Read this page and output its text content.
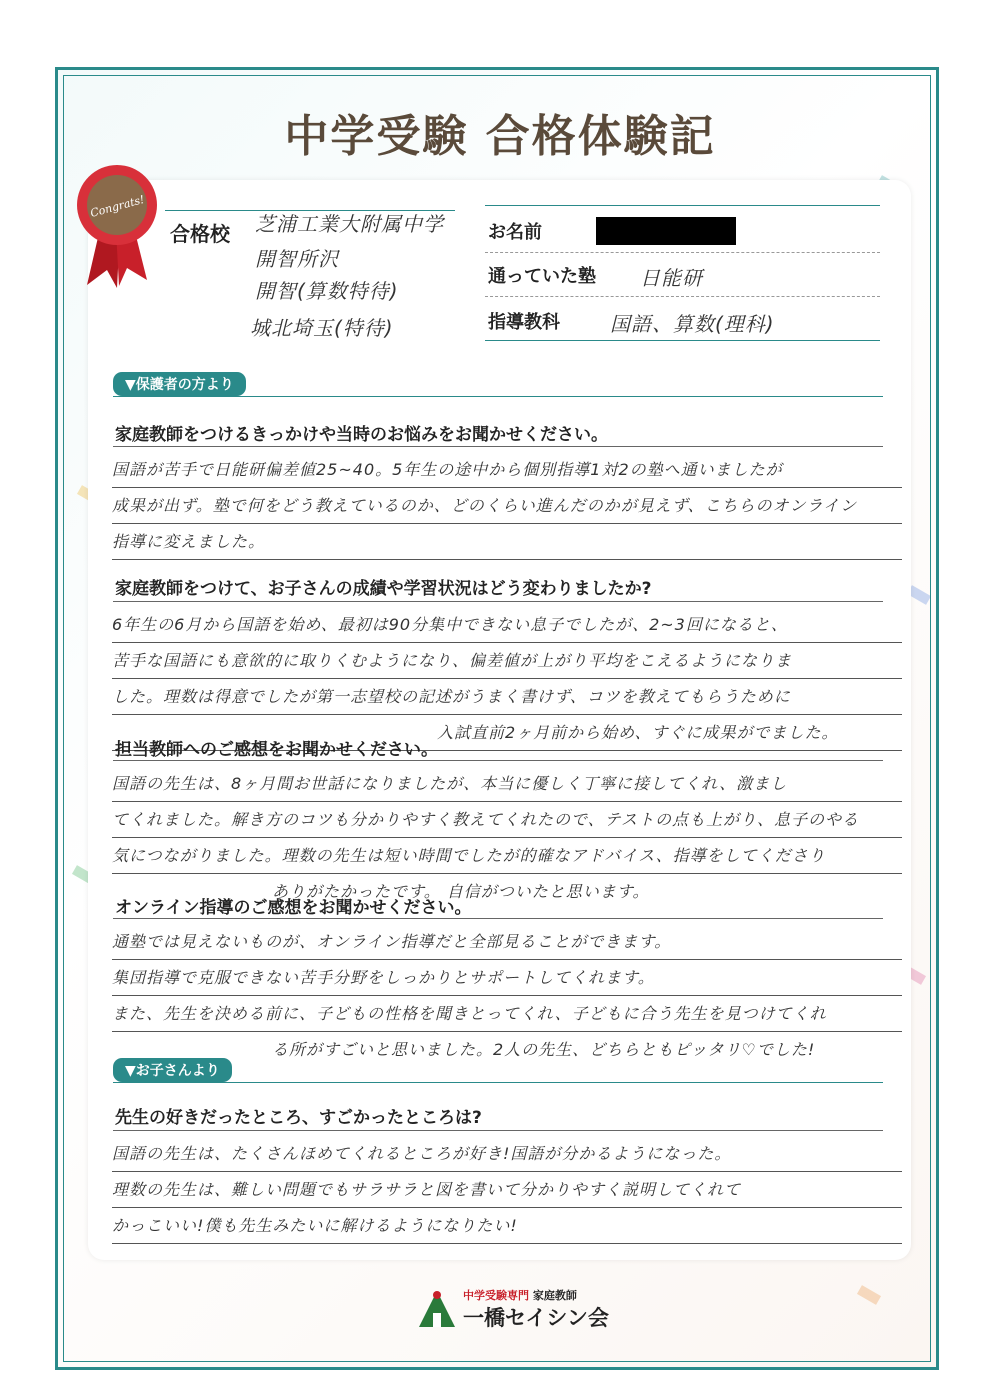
中学受験 合格体験記
Congrats!
合格校 芝浦工業大附属中学
開智所沢
開智(算数特待)
城北埼玉(特待)
お名前
通っていた塾 日能研
指導教科	国語、算数(理科)
▼保護者の方より
家庭教師をつけるきっかけや当時のお悩みをお聞かせください。
国語が苦手で日能研偏差値25~40。5年生の途中から個別指導1対2の塾へ通いましたが
成果が出ず。塾で何をどう教えているのか、どのくらい進んだのかが見えず、こちらのオンライン
指導に変えました。
家庭教師をつけて、お子さんの成績や学習状況はどう変わりましたか?
6年生の6月から国語を始め、最初は90分集中できない息子でしたが、2~3回になると、
苦手な国語にも意欲的に取りくむようになり、偏差値が上がり平均をこえるようになりま
した。理数は得意でしたが第一志望校の記述がうまく書けず、コツを教えてもらうために
入試直前2ヶ月前から始め、すぐに成果がでました。
担当教師へのご感想をお聞かせください。
国語の先生は、8ヶ月間お世話になりましたが、本当に優しく丁寧に接してくれ、激まし
てくれました。解き方のコツも分かりやすく教えてくれたので、テストの点も上がり、息子のやる
気につながりました。理数の先生は短い時間でしたが的確なアドバイス、指導をしてくださり
ありがたかったです。 自信がついたと思います。
オンライン指導のご感想をお聞かせください。
通塾では見えないものが、オンライン指導だと全部見ることができます。
集団指導で克服できない苦手分野をしっかりとサポートしてくれます。
また、先生を決める前に、子どもの性格を聞きとってくれ、子どもに合う先生を見つけてくれ
る所がすごいと思いました。2人の先生、どちらともピッタリ♡でした!
▼お子さんより
先生の好きだったところ、すごかったところは?
国語の先生は、たくさんほめてくれるところが好き!国語が分かるようになった。
理数の先生は、難しい問題でもサラサラと図を書いて分かりやすく説明してくれて
かっこいい!僕も先生みたいに解けるようになりたい!
中学受験専門 家庭教師
一橋セイシン会
